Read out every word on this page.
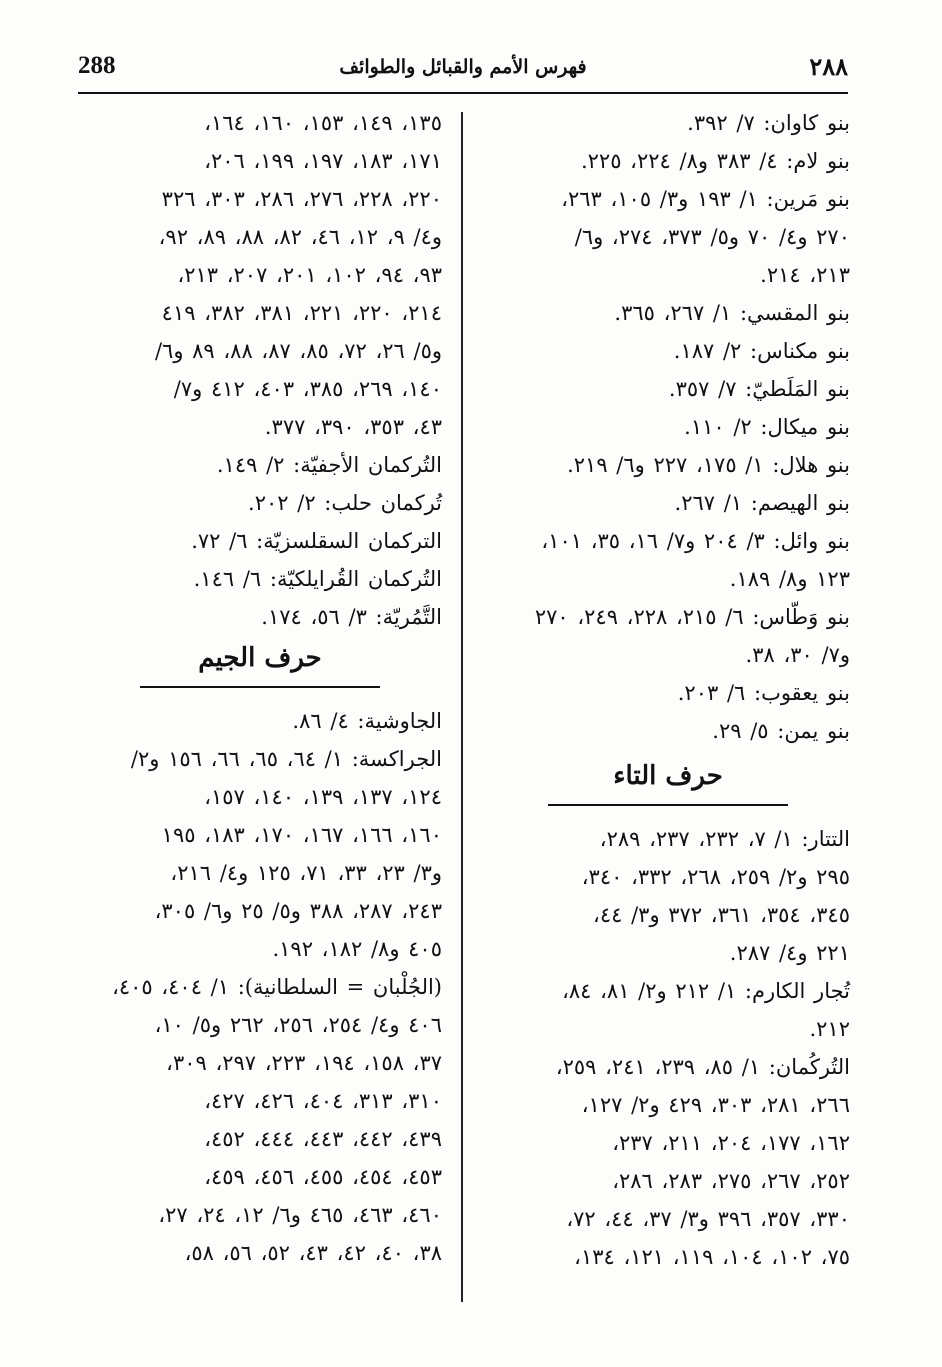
288	فهرس الأمم والقبائل والطوائف	٢٨٨

بنو كاوان: ٧/ ٣٩٢.

بنو لام: ٤/ ٣٨٣ و٨/ ٢٢٤، ٢٢٥.

بنو مَرين: ١/ ١٩٣ و٣/ ١٠٥، ٢٦٣،
٢٧٠ و٤/ ٧٠ و٥/ ٣٧٣، ٢٧٤، و٦/
٢١٣، ٢١٤.

بنو المقسي: ١/ ٢٦٧، ٣٦٥.

بنو مكناس: ٢/ ١٨٧.

بنو المَلَطيّ: ٧/ ٣٥٧.

بنو ميكال: ٢/ ١١٠.

بنو هلال: ١/ ١٧٥، ٢٢٧ و٦/ ٢١٩.

بنو الهيصم: ١/ ٢٦٧.

بنو وائل: ٣/ ٢٠٤ و٧/ ١٦، ٣٥، ١٠١،
١٢٣ و٨/ ١٨٩.

بنو وَطّاس: ٦/ ٢١٥، ٢٢٨، ٢٤٩، ٢٧٠
و٧/ ٣٠، ٣٨.

بنو يعقوب: ٦/ ٢٠٣.

بنو يمن: ٥/ ٢٩.

حرف التاء

التتار: ١/ ٧، ٢٣٢، ٢٣٧، ٢٨٩،
٢٩٥ و٢/ ٢٥٩، ٢٦٨، ٣٣٢، ٣٤٠،
٣٤٥، ٣٥٤، ٣٦١، ٣٧٢ و٣/ ٤٤،
٢٢١ و٤/ ٢٨٧.

تُجار الكارم: ١/ ٢١٢ و٢/ ٨١، ٨٤،
٢١٢.

التُركُمان: ١/ ٨٥، ٢٣٩، ٢٤١، ٢٥٩،
٢٦٦، ٢٨١، ٣٠٣، ٤٢٩ و٢/ ١٢٧،
١٦٢، ١٧٧، ٢٠٤، ٢١١، ٢٣٧،
٢٥٢، ٢٦٧، ٢٧٥، ٢٨٣، ٢٨٦،
٣٣٠، ٣٥٧، ٣٩٦ و٣/ ٣٧، ٤٤، ٧٢،
٧٥، ١٠٢، ١٠٤، ١١٩، ١٢١، ١٣٤،

١٣٥، ١٤٩، ١٥٣، ١٦٠، ١٦٤،
١٧١، ١٨٣، ١٩٧، ١٩٩، ٢٠٦،
٢٢٠، ٢٢٨، ٢٧٦، ٢٨٦، ٣٠٣، ٣٢٦
و٤/ ٩، ١٢، ٤٦، ٨٢، ٨٨، ٨٩، ٩٢،
٩٣، ٩٤، ١٠٢، ٢٠١، ٢٠٧، ٢١٣،
٢١٤، ٢٢٠، ٢٢١، ٣٨١، ٣٨٢، ٤١٩
و٥/ ٢٦، ٧٢، ٨٥، ٨٧، ٨٨، ٨٩ و٦/
١٤٠، ٢٦٩، ٣٨٥، ٤٠٣، ٤١٢ و٧/
٤٣، ٣٥٣، ٣٩٠، ٣٧٧.

التُركمان الأجفيّة: ٢/ ١٤٩.

تُركمان حلب: ٢/ ٢٠٢.

التركمان السقلسزيّة: ٦/ ٧٢.

التُركمان القُرايلكيّة: ٦/ ١٤٦.

التَّمُريّة: ٣/ ٥٦، ١٧٤.

حرف الجيم

الجاوشية: ٤/ ٨٦.

الجراكسة: ١/ ٦٤، ٦٥، ٦٦، ١٥٦ و٢/
١٢٤، ١٣٧، ١٣٩، ١٤٠، ١٥٧،
١٦٠، ١٦٦، ١٦٧، ١٧٠، ١٨٣، ١٩٥
و٣/ ٢٣، ٣٣، ٧١، ١٢٥ و٤/ ٢١٦،
٢٤٣، ٢٨٧، ٣٨٨ و٥/ ٢٥ و٦/ ٣٠٥،
٤٠٥ و٨/ ١٨٢، ١٩٢.

(الجُلْبان = السلطانية): ١/ ٤٠٤، ٤٠٥،
٤٠٦ و٤/ ٢٥٤، ٢٥٦، ٢٦٢ و٥/ ١٠،
٣٧، ١٥٨، ١٩٤، ٢٢٣، ٢٩٧، ٣٠٩،
٣١٠، ٣١٣، ٤٠٤، ٤٢٦، ٤٢٧،
٤٣٩، ٤٤٢، ٤٤٣، ٤٤٤، ٤٥٢،
٤٥٣، ٤٥٤، ٤٥٥، ٤٥٦، ٤٥٩،
٤٦٠، ٤٦٣، ٤٦٥ و٦/ ١٢، ٢٤، ٢٧،
٣٨، ٤٠، ٤٢، ٤٣، ٥٢، ٥٦، ٥٨،
